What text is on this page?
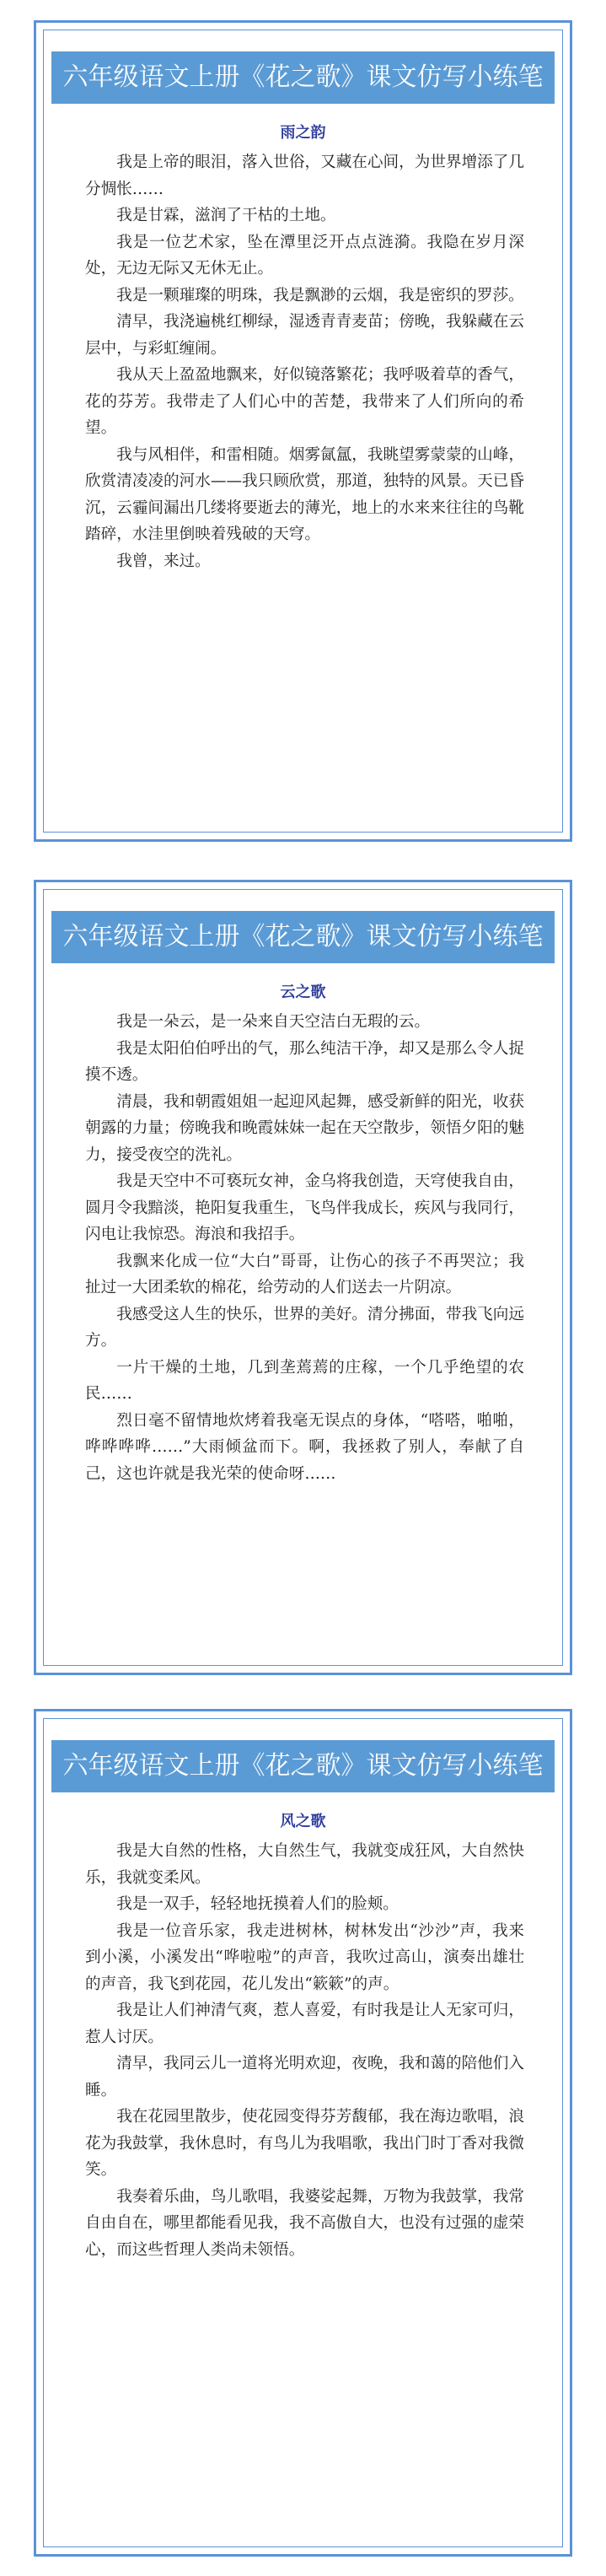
六年级语文上册《花之歌》课文仿写小练笔
雨之韵

我是上帝的眼泪，落入世俗，又藏在心间，为世界增添了几分惆怅……

我是甘霖，滋润了干枯的土地。

我是一位艺术家，坠在潭里泛开点点涟漪。我隐在岁月深处，无边无际又无休无止。

我是一颗璀璨的明珠，我是飘渺的云烟，我是密织的罗莎。

清早，我浇遍桃红柳绿，湿透青青麦苗；傍晚，我躲藏在云层中，与彩虹缠闹。

我从天上盈盈地飘来，好似镜落繁花；我呼吸着草的香气，花的芬芳。我带走了人们心中的苦楚，我带来了人们所向的希望。

我与风相伴，和雷相随。烟雾氤氲，我眺望雾蒙蒙的山峰，欣赏清凌凌的河水——我只顾欣赏，那道，独特的风景。天已昏沉，云霾间漏出几缕将要逝去的薄光，地上的水来来往往的鸟靴踏碎，水洼里倒映着残破的天穹。

我曾，来过。

六年级语文上册《花之歌》课文仿写小练笔
云之歌

我是一朵云，是一朵来自天空洁白无瑕的云。

我是太阳伯伯呼出的气，那么纯洁干净，却又是那么令人捉摸不透。

清晨，我和朝霞姐姐一起迎风起舞，感受新鲜的阳光，收获朝露的力量；傍晚我和晚霞妹妹一起在天空散步，领悟夕阳的魅力，接受夜空的洗礼。

我是天空中不可亵玩女神，金乌将我创造，天穹使我自由，圆月令我黯淡，艳阳复我重生，飞鸟伴我成长，疾风与我同行，闪电让我惊恐。海浪和我招手。

我飘来化成一位“大白”哥哥，让伤心的孩子不再哭泣；我扯过一大团柔软的棉花，给劳动的人们送去一片阴凉。

我感受这人生的快乐，世界的美好。清分拂面，带我飞向远方。

一片干燥的土地，几到垄蔫蔫的庄稼，一个几乎绝望的农民……

烈日毫不留情地炊烤着我毫无误点的身体，“嗒嗒，啪啪，哗哗哗哗……”大雨倾盆而下。啊，我拯救了别人，奉献了自己，这也许就是我光荣的使命呀……

六年级语文上册《花之歌》课文仿写小练笔
风之歌

我是大自然的性格，大自然生气，我就变成狂风，大自然快乐，我就变柔风。

我是一双手，轻轻地抚摸着人们的脸颊。

我是一位音乐家，我走进树林，树林发出“沙沙”声，我来到小溪，小溪发出“哗啦啦”的声音，我吹过高山，演奏出雄壮的声音，我飞到花园，花儿发出“簌簌”的声。

我是让人们神清气爽，惹人喜爱，有时我是让人无家可归，惹人讨厌。

清早，我同云儿一道将光明欢迎，夜晚，我和蔼的陪他们入睡。

我在花园里散步，使花园变得芬芳馥郁，我在海边歌唱，浪花为我鼓掌，我休息时，有鸟儿为我唱歌，我出门时丁香对我微笑。

我奏着乐曲，鸟儿歌唱，我婆娑起舞，万物为我鼓掌，我常自由自在，哪里都能看见我，我不高傲自大，也没有过强的虚荣心，而这些哲理人类尚未领悟。
